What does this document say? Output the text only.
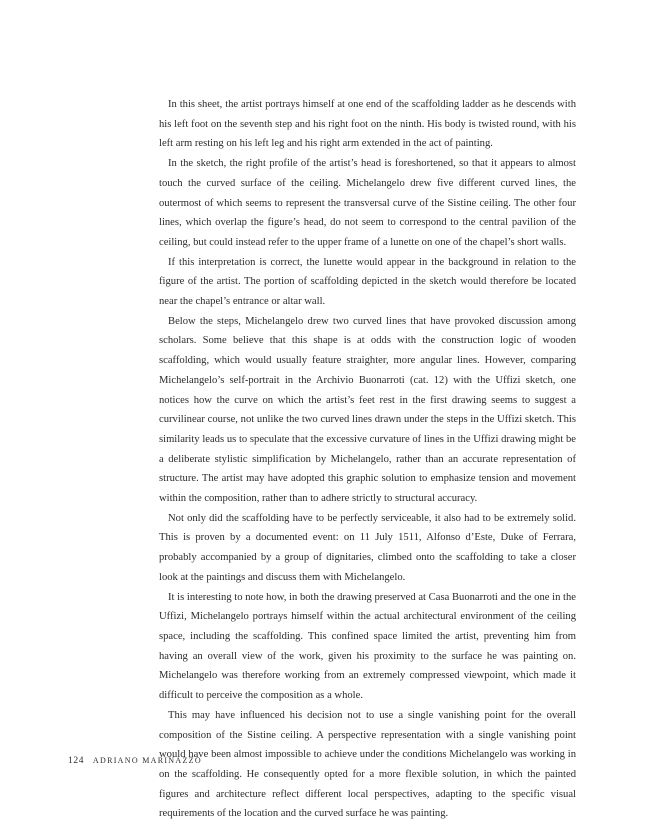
In this sheet, the artist portrays himself at one end of the scaffolding ladder as he descends with his left foot on the seventh step and his right foot on the ninth. His body is twisted round, with his left arm resting on his left leg and his right arm extended in the act of painting.

In the sketch, the right profile of the artist’s head is foreshortened, so that it appears to almost touch the curved surface of the ceiling. Michelangelo drew five different curved lines, the outermost of which seems to represent the transversal curve of the Sistine ceiling. The other four lines, which overlap the figure’s head, do not seem to correspond to the central pavilion of the ceiling, but could instead refer to the upper frame of a lunette on one of the chapel’s short walls.

If this interpretation is correct, the lunette would appear in the background in relation to the figure of the artist. The portion of scaffolding depicted in the sketch would therefore be located near the chapel’s entrance or altar wall.

Below the steps, Michelangelo drew two curved lines that have provoked discussion among scholars. Some believe that this shape is at odds with the construction logic of wooden scaffolding, which would usually feature straighter, more angular lines. However, comparing Michelangelo’s self-portrait in the Archivio Buonarroti (cat. 12) with the Uffizi sketch, one notices how the curve on which the artist’s feet rest in the first drawing seems to suggest a curvilinear course, not unlike the two curved lines drawn under the steps in the Uffizi sketch. This similarity leads us to speculate that the excessive curvature of lines in the Uffizi drawing might be a deliberate stylistic simplification by Michelangelo, rather than an accurate representation of structure. The artist may have adopted this graphic solution to emphasize tension and movement within the composition, rather than to adhere strictly to structural accuracy.

Not only did the scaffolding have to be perfectly serviceable, it also had to be extremely solid. This is proven by a documented event: on 11 July 1511, Alfonso d’Este, Duke of Ferrara, probably accompanied by a group of dignitaries, climbed onto the scaffolding to take a closer look at the paintings and discuss them with Michelangelo.

It is interesting to note how, in both the drawing preserved at Casa Buonarroti and the one in the Uffizi, Michelangelo portrays himself within the actual architectural environment of the ceiling space, including the scaffolding. This confined space limited the artist, preventing him from having an overall view of the work, given his proximity to the surface he was painting on. Michelangelo was therefore working from an extremely compressed viewpoint, which made it difficult to perceive the composition as a whole.

This may have influenced his decision not to use a single vanishing point for the overall composition of the Sistine ceiling. A perspective representation with a single vanishing point would have been almost impossible to achieve under the conditions Michelangelo was working in on the scaffolding. He consequently opted for a more flexible solution, in which the painted figures and architecture reflect different local perspectives, adapting to the specific visual requirements of the location and the curved surface he was painting.

124 ADRIANO MARINAZZO
